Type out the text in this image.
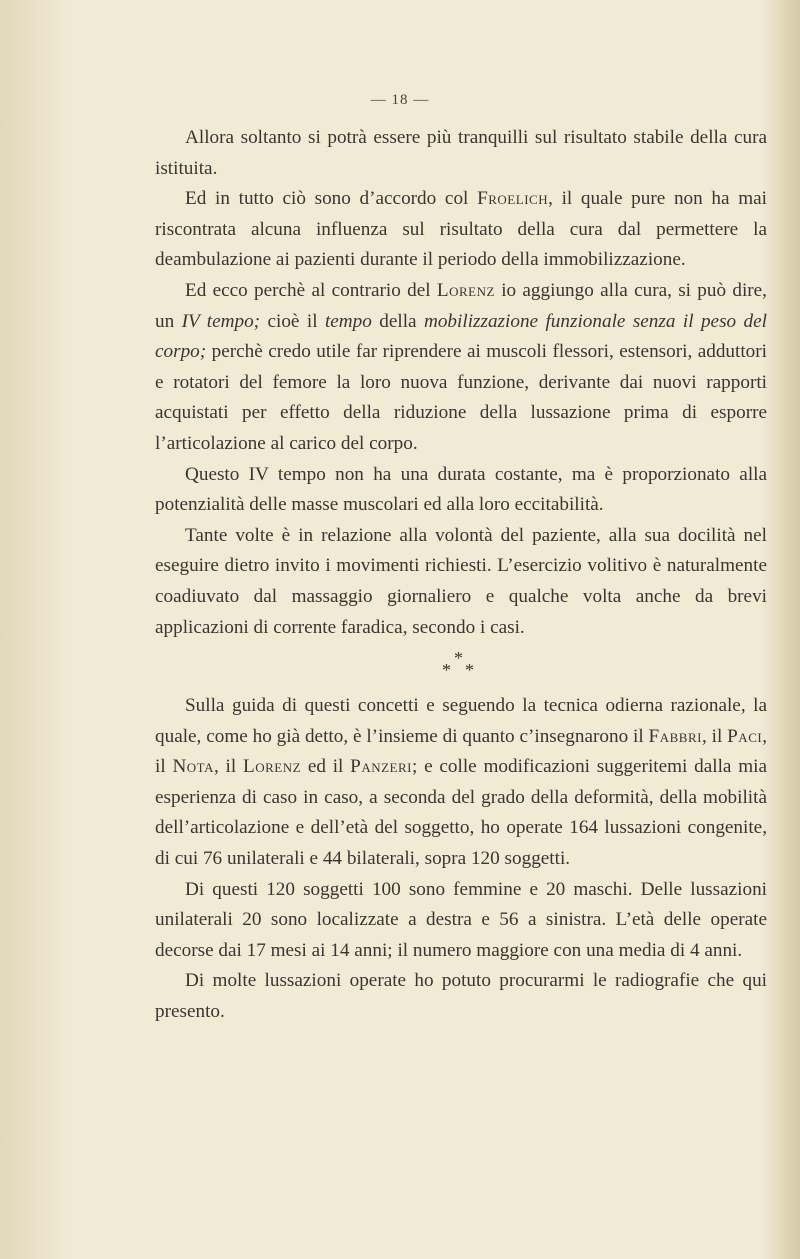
— 18 —

Allora soltanto si potrà essere più tranquilli sul risultato stabile della cura istituita.

Ed in tutto ciò sono d’accordo col Froelich, il quale pure non ha mai riscontrata alcuna influenza sul risultato della cura dal permettere la deambulazione ai pazienti durante il periodo della immobilizzazione.

Ed ecco perchè al contrario del Lorenz io aggiungo alla cura, si può dire, un IV tempo; cioè il tempo della mobilizzazione funzionale senza il peso del corpo; perchè credo utile far riprendere ai muscoli flessori, estensori, adduttori e rotatori del femore la loro nuova funzione, derivante dai nuovi rapporti acquistati per effetto della riduzione della lussazione prima di esporre l’articolazione al carico del corpo.

Questo IV tempo non ha una durata costante, ma è proporzionato alla potenzialità delle masse muscolari ed alla loro eccitabilità.

Tante volte è in relazione alla volontà del paziente, alla sua docilità nel eseguire dietro invito i movimenti richiesti. L’esercizio volitivo è naturalmente coadiuvato dal massaggio giornaliero e qualche volta anche da brevi applicazioni di corrente faradica, secondo i casi.

*
* *

Sulla guida di questi concetti e seguendo la tecnica odierna razionale, la quale, come ho già detto, è l’insieme di quanto c’insegnarono il Fabbri, il Paci, il Nota, il Lorenz ed il Panzeri; e colle modificazioni suggeritemi dalla mia esperienza di caso in caso, a seconda del grado della deformità, della mobilità dell’articolazione e dell’età del soggetto, ho operate 164 lussazioni congenite, di cui 76 unilaterali e 44 bilaterali, sopra 120 soggetti.

Di questi 120 soggetti 100 sono femmine e 20 maschi. Delle lussazioni unilaterali 20 sono localizzate a destra e 56 a sinistra. L’età delle operate decorse dai 17 mesi ai 14 anni; il numero maggiore con una media di 4 anni.

Di molte lussazioni operate ho potuto procurarmi le radiografie che qui presento.
